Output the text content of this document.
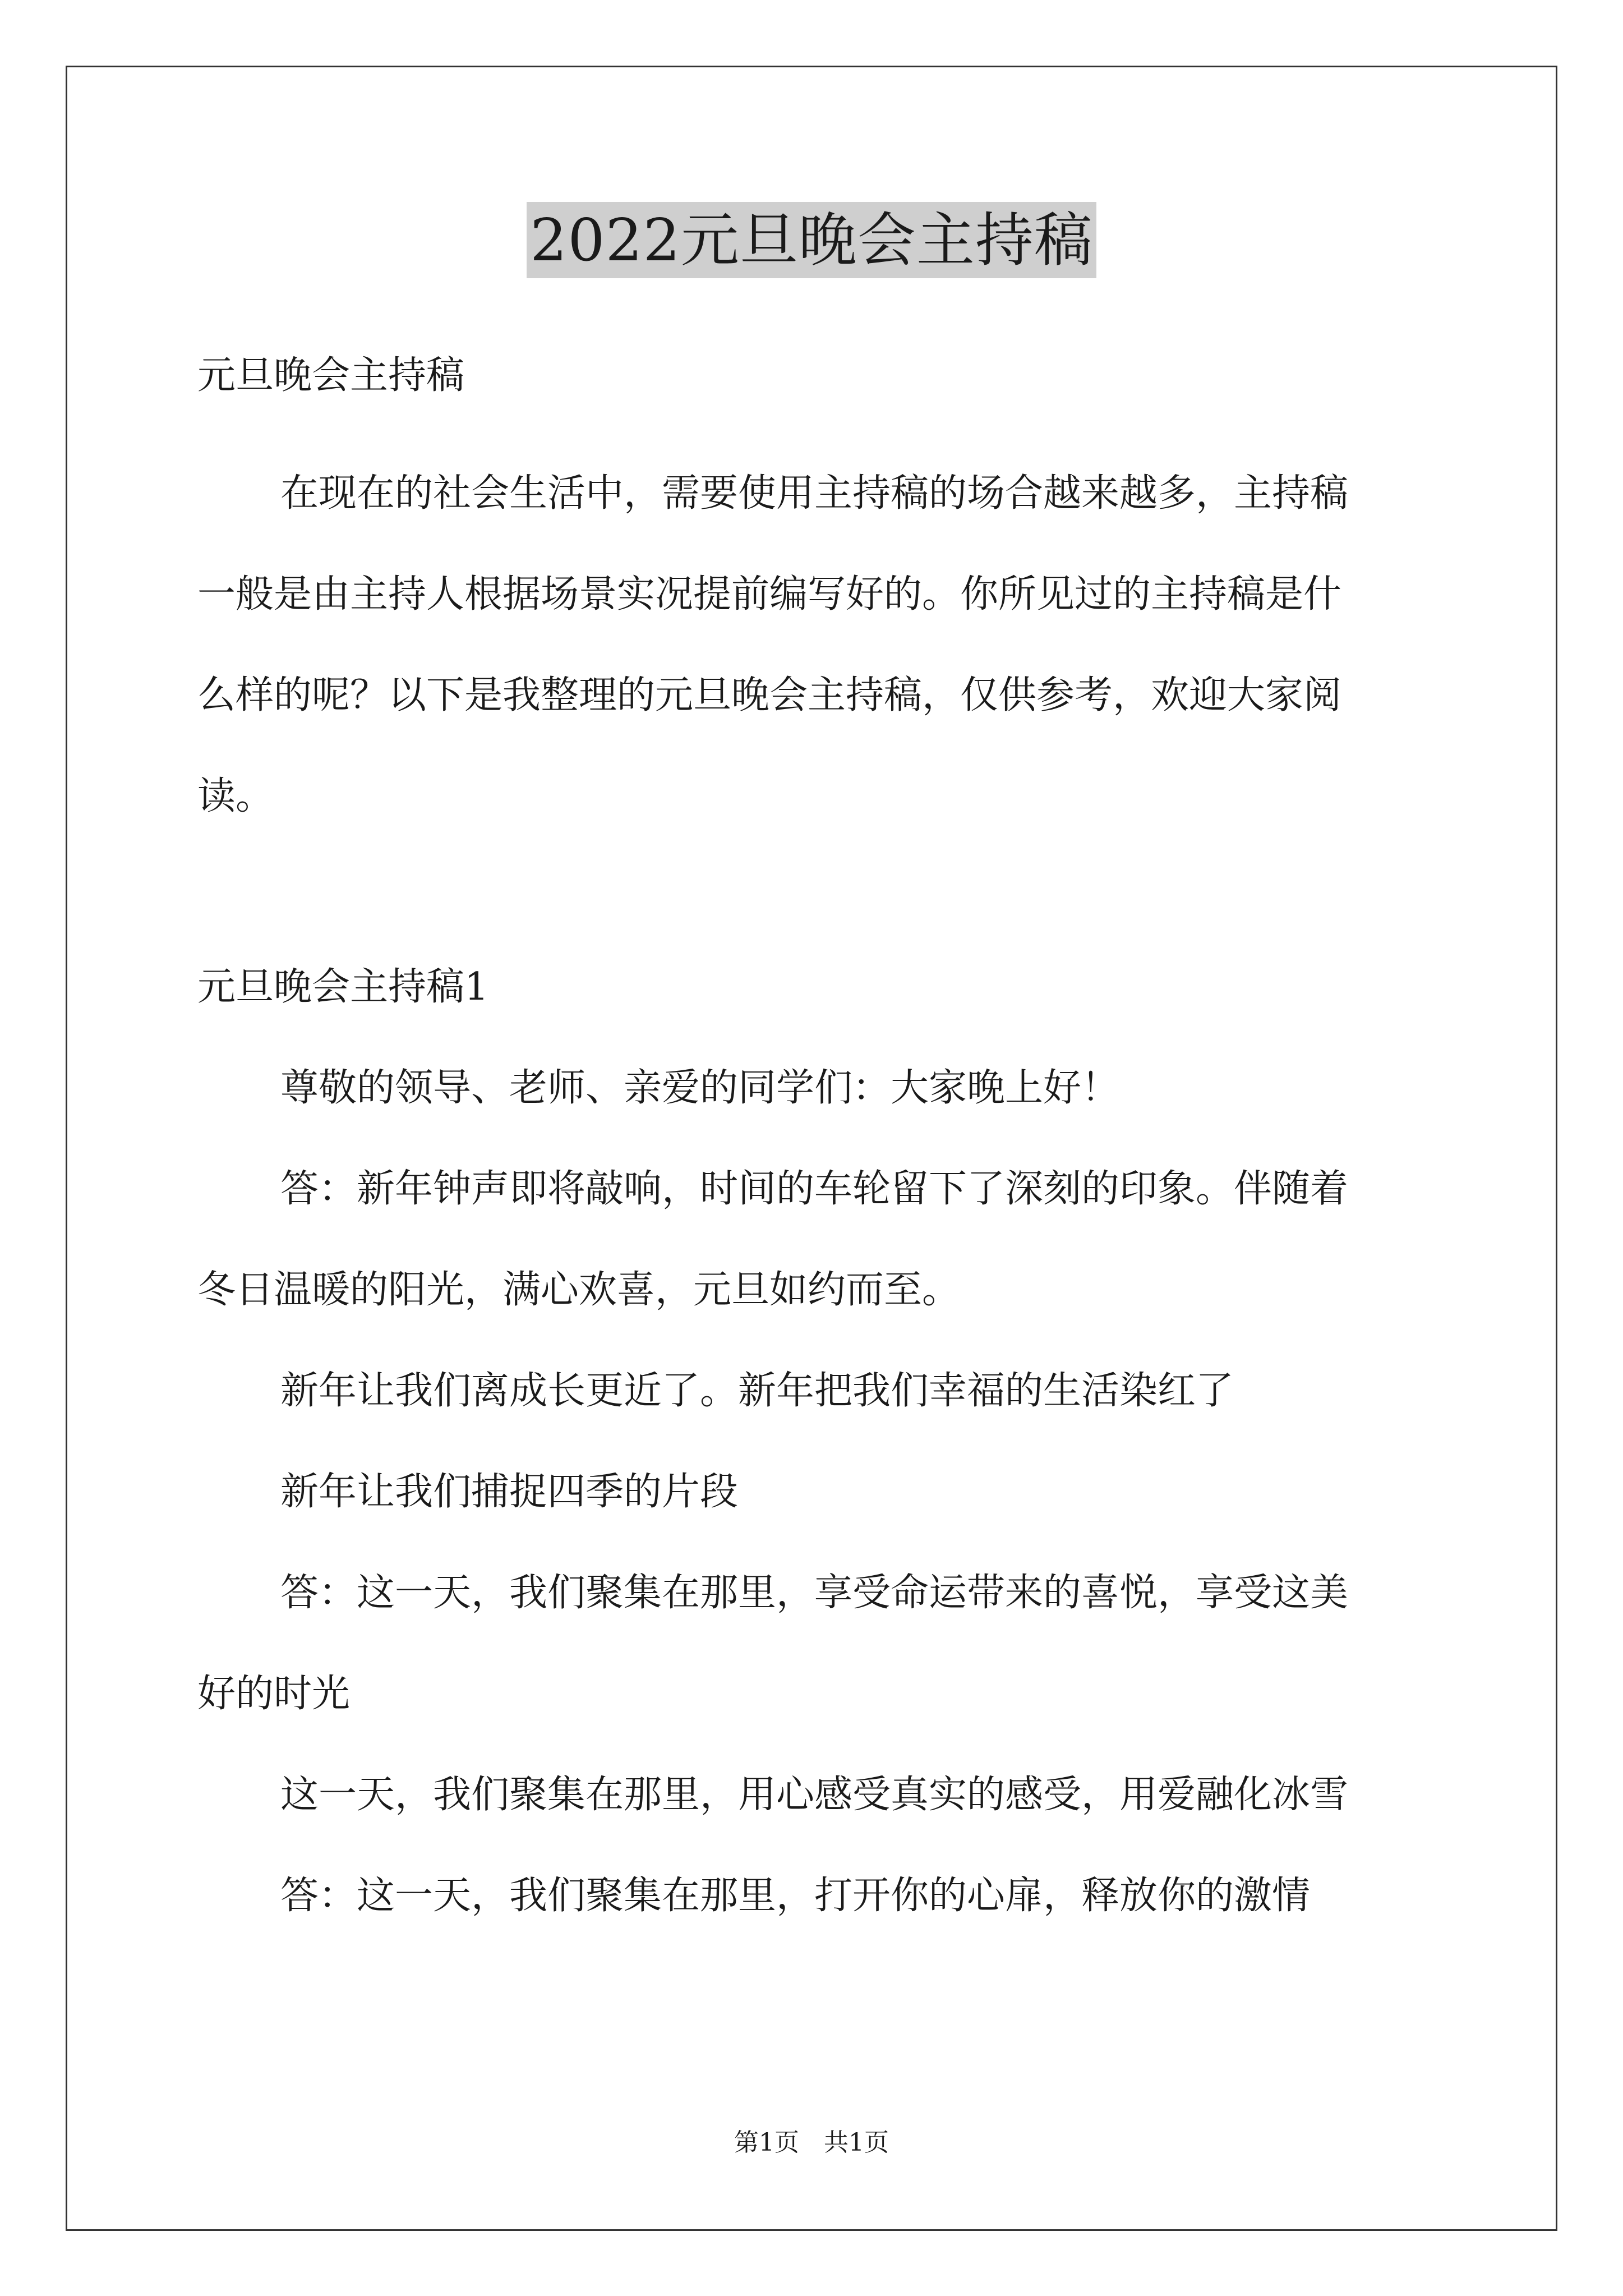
2022元旦晚会主持稿

元旦晚会主持稿

在现在的社会生活中，需要使用主持稿的场合越来越多，主持稿

一般是由主持人根据场景实况提前编写好的。你所见过的主持稿是什

么样的呢？以下是我整理的元旦晚会主持稿，仅供参考，欢迎大家阅

读。

元旦晚会主持稿1

尊敬的领导、老师、亲爱的同学们：大家晚上好！

答：新年钟声即将敲响，时间的车轮留下了深刻的印象。伴随着

冬日温暖的阳光，满心欢喜，元旦如约而至。

新年让我们离成长更近了。新年把我们幸福的生活染红了

新年让我们捕捉四季的片段

答：这一天，我们聚集在那里，享受命运带来的喜悦，享受这美

好的时光

这一天，我们聚集在那里，用心感受真实的感受，用爱融化冰雪

答：这一天，我们聚集在那里，打开你的心扉，释放你的激情

第1页　共1页
